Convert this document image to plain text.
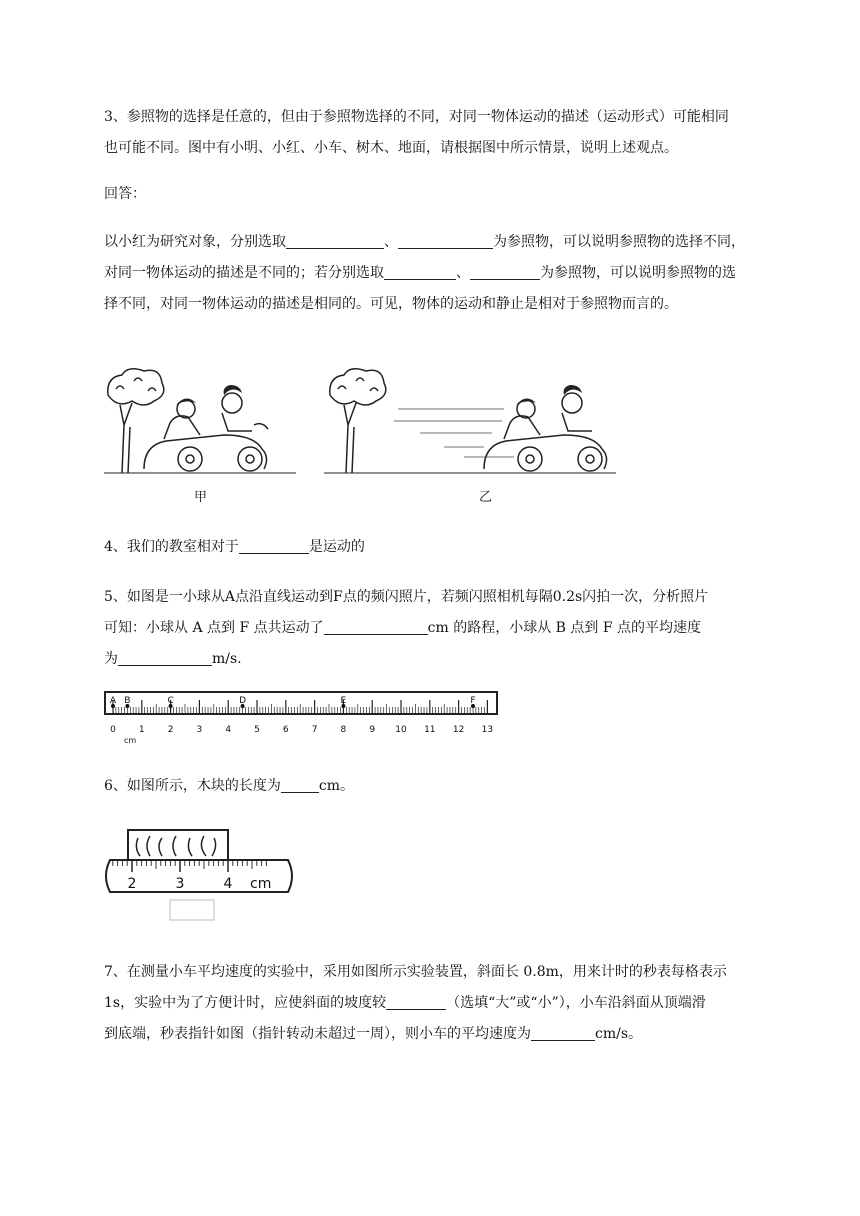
3、参照物的选择是任意的，但由于参照物选择的不同，对同一物体运动的描述（运动形式）可能相同

也可能不同。图中有小明、小红、小车、树木、地面，请根据图中所示情景，说明上述观点。

回答：

以小红为研究对象，分别选取	、	为参照物，可以说明参照物的选择不同，

对同一物体运动的描述是不同的；若分别选取	、	为参照物，可以说明参照物的选

择不同，对同一物体运动的描述是相同的。可见，物体的运动和静止是相对于参照物而言的。

甲	乙

4、我们的教室相对于	是运动的

5、如图是一小球从A点沿直线运动到F点的频闪照片，若频闪照相机每隔0.2s闪拍一次，分析照片

可知：小球从 A 点到 F 点共运动了	cm 的路程，小球从 B 点到 F 点的平均速度

为	m/s.

A B	C	D	E	F
0	1	2	3	4	5	6	7	8	9 10 11 12 13
cm

6、如图所示，木块的长度为	cm。

2	3	4 cm

7、在测量小车平均速度的实验中，采用如图所示实验装置，斜面长 0.8m，用来计时的秒表每格表示

1s，实验中为了方便计时，应使斜面的坡度较	（选填“大”或“小”），小车沿斜面从顶端滑

到底端，秒表指针如图（指针转动未超过一周），则小车的平均速度为	cm/s。
